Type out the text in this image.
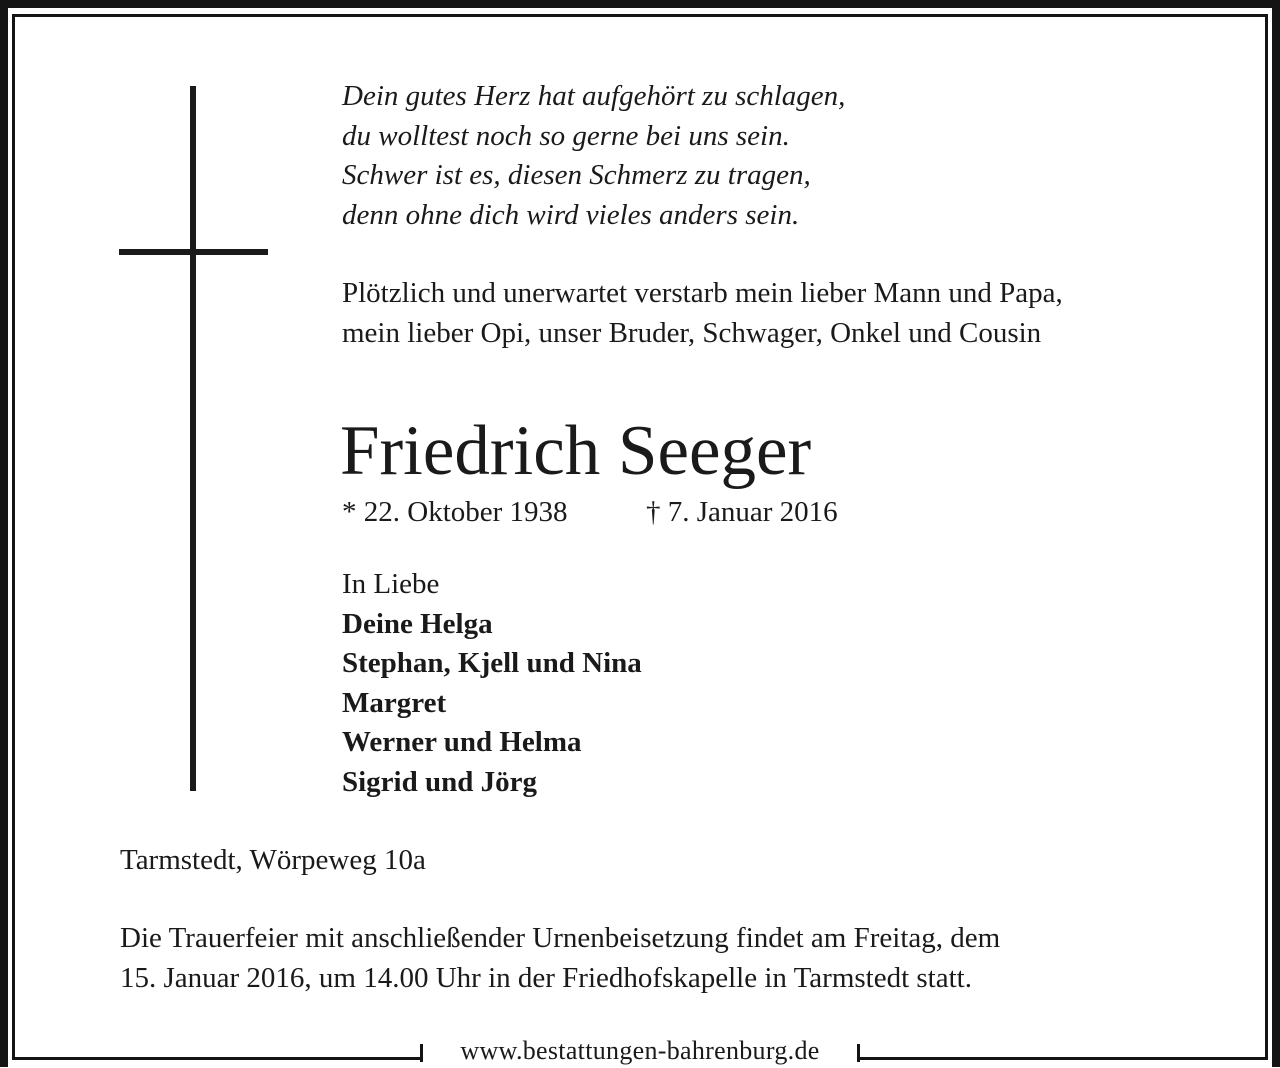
www.bestattungen-bahrenburg.de
Dein gutes Herz hat aufgehört zu schlagen,
du wolltest noch so gerne bei uns sein.
Schwer ist es, diesen Schmerz zu tragen,
denn ohne dich wird vieles anders sein.
Plötzlich und unerwartet verstarb mein lieber Mann und Papa,
mein lieber Opi, unser Bruder, Schwager, Onkel und Cousin
Friedrich Seeger
* 22. Oktober 1938	† 7. Januar 2016
In Liebe
Deine Helga
Stephan, Kjell und Nina
Margret
Werner und Helma
Sigrid und Jörg
Tarmstedt, Wörpeweg 10a
Die Trauerfeier mit anschließender Urnenbeisetzung findet am Freitag, dem
15. Januar 2016, um 14.00 Uhr in der Friedhofskapelle in Tarmstedt statt.
